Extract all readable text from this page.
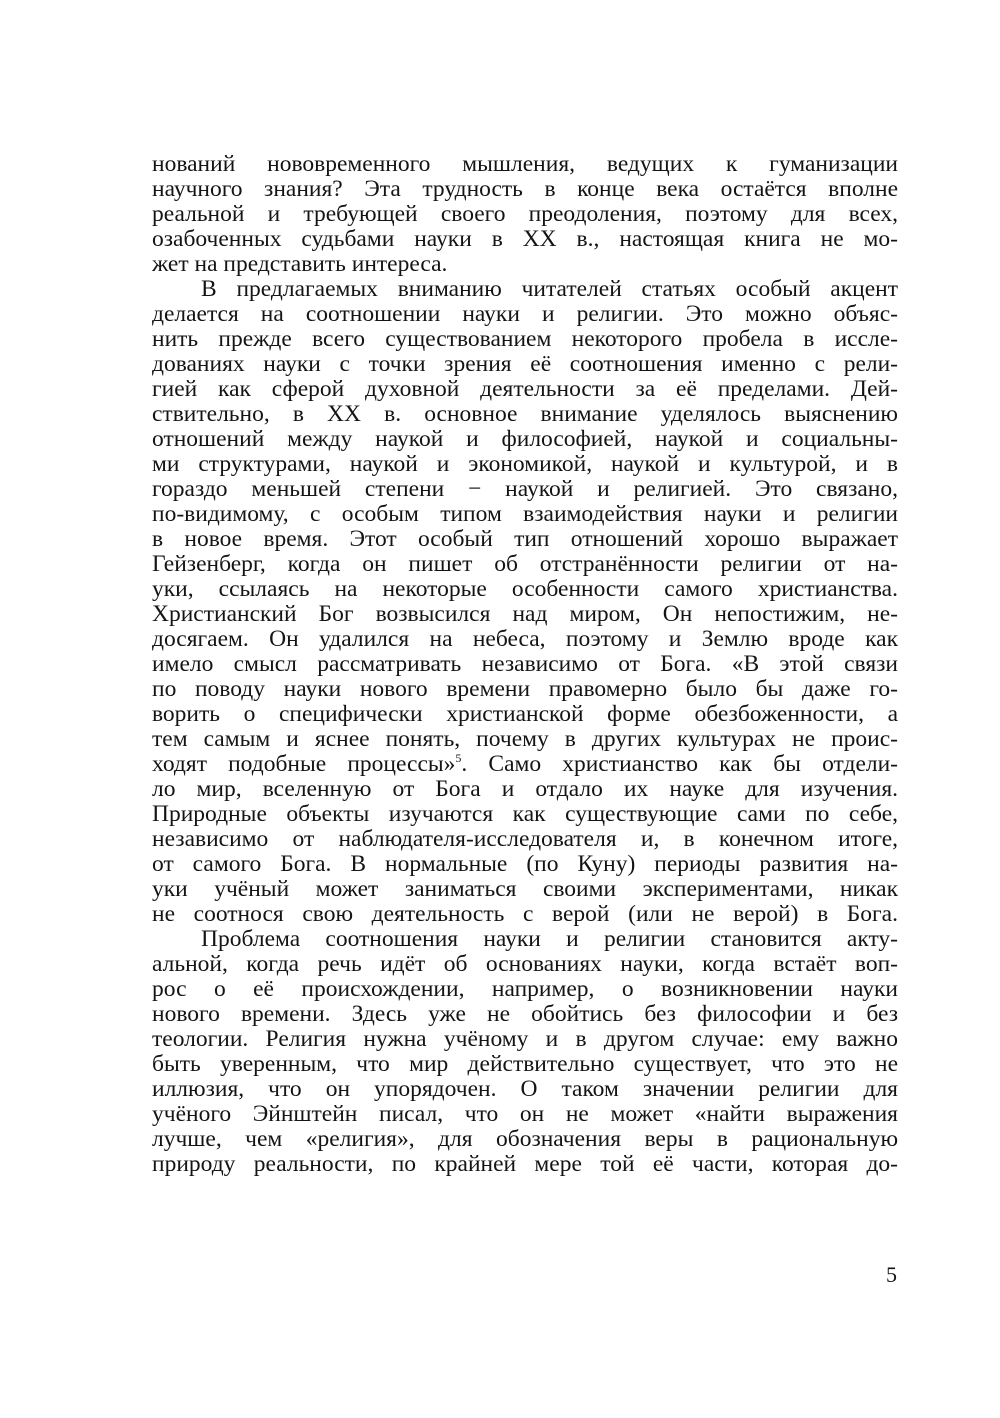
нований нововременного мышления, ведущих к гуманизации
научного знания? Эта трудность в конце века остаётся вполне
реальной и требующей своего преодоления, поэтому для всех,
озабоченных судьбами науки в XX в., настоящая книга не мо-
жет на представить интереса.
В предлагаемых вниманию читателей статьях особый акцент
делается на соотношении науки и религии. Это можно объяс-
нить прежде всего существованием некоторого пробела в иссле-
дованиях науки с точки зрения её соотношения именно с рели-
гией как сферой духовной деятельности за её пределами. Дей-
ствительно, в XX в. основное внимание уделялось выяснению
отношений между наукой и философией, наукой и социальны-
ми структурами, наукой и экономикой, наукой и культурой, и в
гораздо меньшей степени − наукой и религией. Это связано,
по-видимому, с особым типом взаимодействия науки и религии
в новое время. Этот особый тип отношений хорошо выражает
Гейзенберг, когда он пишет об отстранённости религии от на-
уки, ссылаясь на некоторые особенности самого христианства.
Христианский Бог возвысился над миром, Он непостижим, не-
досягаем. Он удалился на небеса, поэтому и Землю вроде как
имело смысл рассматривать независимо от Бога. «В этой связи
по поводу науки нового времени правомерно было бы даже го-
ворить о специфически христианской форме обезбоженности, а
тем самым и яснее понять, почему в других культурах не проис-
ходят подобные процессы»$^5$. Само христианство как бы отдели-
ло мир, вселенную от Бога и отдало их науке для изучения.
Природные объекты изучаются как существующие сами по себе,
независимо от наблюдателя-исследователя и, в конечном итоге,
от самого Бога. В нормальные (по Куну) периоды развития на-
уки учёный может заниматься своими экспериментами, никак
не соотнося свою деятельность с верой (или не верой) в Бога.
Проблема соотношения науки и религии становится акту-
альной, когда речь идёт об основаниях науки, когда встаёт воп-
рос о её происхождении, например, о возникновении науки
нового времени. Здесь уже не обойтись без философии и без
теологии. Религия нужна учёному и в другом случае: ему важно
быть уверенным, что мир действительно существует, что это не
иллюзия, что он упорядочен. О таком значении религии для
учёного Эйнштейн писал, что он не может «найти выражения
лучше, чем «религия», для обозначения веры в рациональную
природу реальности, по крайней мере той её части, которая до-
5
